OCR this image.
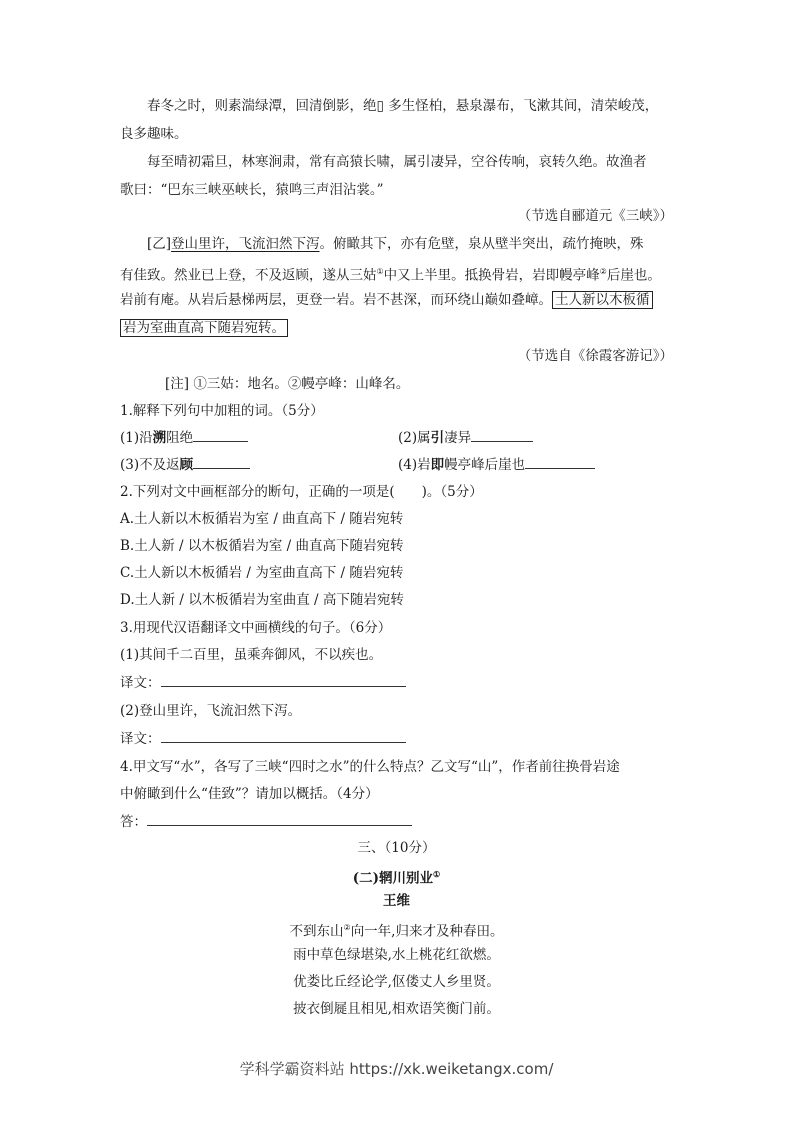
春冬之时，则素湍绿潭，回清倒影，绝▯ 多生怪柏，悬泉瀑布，飞漱其间，清荣峻茂，
良多趣味。
每至晴初霜旦，林寒涧肃，常有高猿长啸，属引凄异，空谷传响，哀转久绝。故渔者
歌曰：“巴东三峡巫峡长，猿鸣三声泪沾裳。”
（节选自郦道元《三峡》）
[乙]登山里许，飞流汩然下泻。俯瞰其下，亦有危壁，泉从壁半突出，疏竹掩映，殊
有佳致。然业已上登，不及返顾，遂从三姑①中又上半里。抵换骨岩，岩即幔亭峰②后崖也。
岩前有庵。从岩后悬梯两层，更登一岩。岩不甚深，而环绕山巅如叠嶂。 土人新以木板循
岩为室曲直高下随岩宛转。
（节选自《徐霞客游记》）
[注] ①三姑：地名。②幔亭峰：山峰名。
1.解释下列句中加粗的词。（5分）
(1)沿溯阻绝	(2)属引凄异
(3)不及返顾	(4)岩即幔亭峰后崖也
2.下列对文中画框部分的断句，正确的一项是(　　)。（5分）
A.土人新以木板循岩为室 / 曲直高下 / 随岩宛转
B.土人新 / 以木板循岩为室 / 曲直高下随岩宛转
C.土人新以木板循岩 / 为室曲直高下 / 随岩宛转
D.土人新 / 以木板循岩为室曲直 / 高下随岩宛转
3.用现代汉语翻译文中画横线的句子。（6分）
(1)其间千二百里，虽乘奔御风，不以疾也。
译文：
(2)登山里许，飞流汩然下泻。
译文：
4.甲文写“水”，各写了三峡“四时之水”的什么特点？乙文写“山”，作者前往换骨岩途
中俯瞰到什么“佳致”？请加以概括。（4分）
答：
三、（10分）
(二)辋川别业①
王维
不到东山②向一年,归来才及种春田。
雨中草色绿堪染,水上桃花红欲燃。
优娄比丘经论学,伛偻丈人乡里贤。
披衣倒屣且相见,相欢语笑衡门前。
学科学霸资料站 https://xk.weiketangx.com/
